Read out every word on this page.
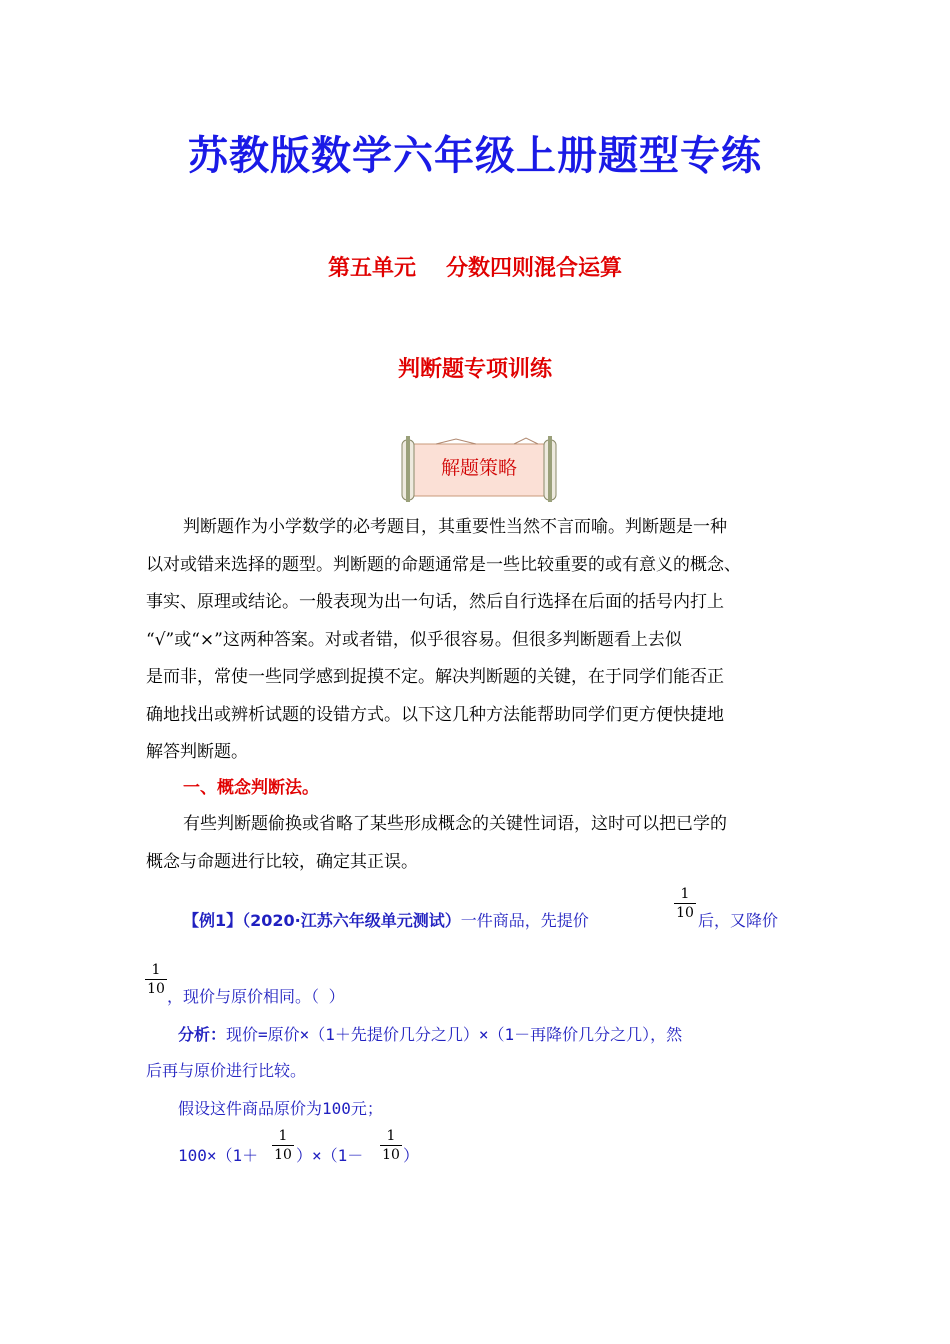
苏教版数学六年级上册题型专练
第五单元 分数四则混合运算
判断题专项训练
解题策略
判断题作为小学数学的必考题目，其重要性当然不言而喻。判断题是一种
以对或错来选择的题型。判断题的命题通常是一些比较重要的或有意义的概念、
事实、原理或结论。一般表现为出一句话，然后自行选择在后面的括号内打上
“√”或“×”这两种答案。对或者错，似乎很容易。但很多判断题看上去似
是而非，常使一些同学感到捉摸不定。解决判断题的关键，在于同学们能否正
确地找出或辨析试题的设错方式。以下这几种方法能帮助同学们更方便快捷地
解答判断题。
一、概念判断法。
有些判断题偷换或省略了某些形成概念的关键性词语，这时可以把已学的
概念与命题进行比较，确定其正误。
【例1】（2020·江苏六年级单元测试）一件商品，先提价
1
10 后，又降价
1
10 ，现价与原价相同。（ ）
分析：现价=原价×（1＋先提价几分之几）×（1－再降价几分之几），然
后再与原价进行比较。
假设这件商品原价为100元；
100×（1＋
1
10 ）×（1－
1
10 ）
